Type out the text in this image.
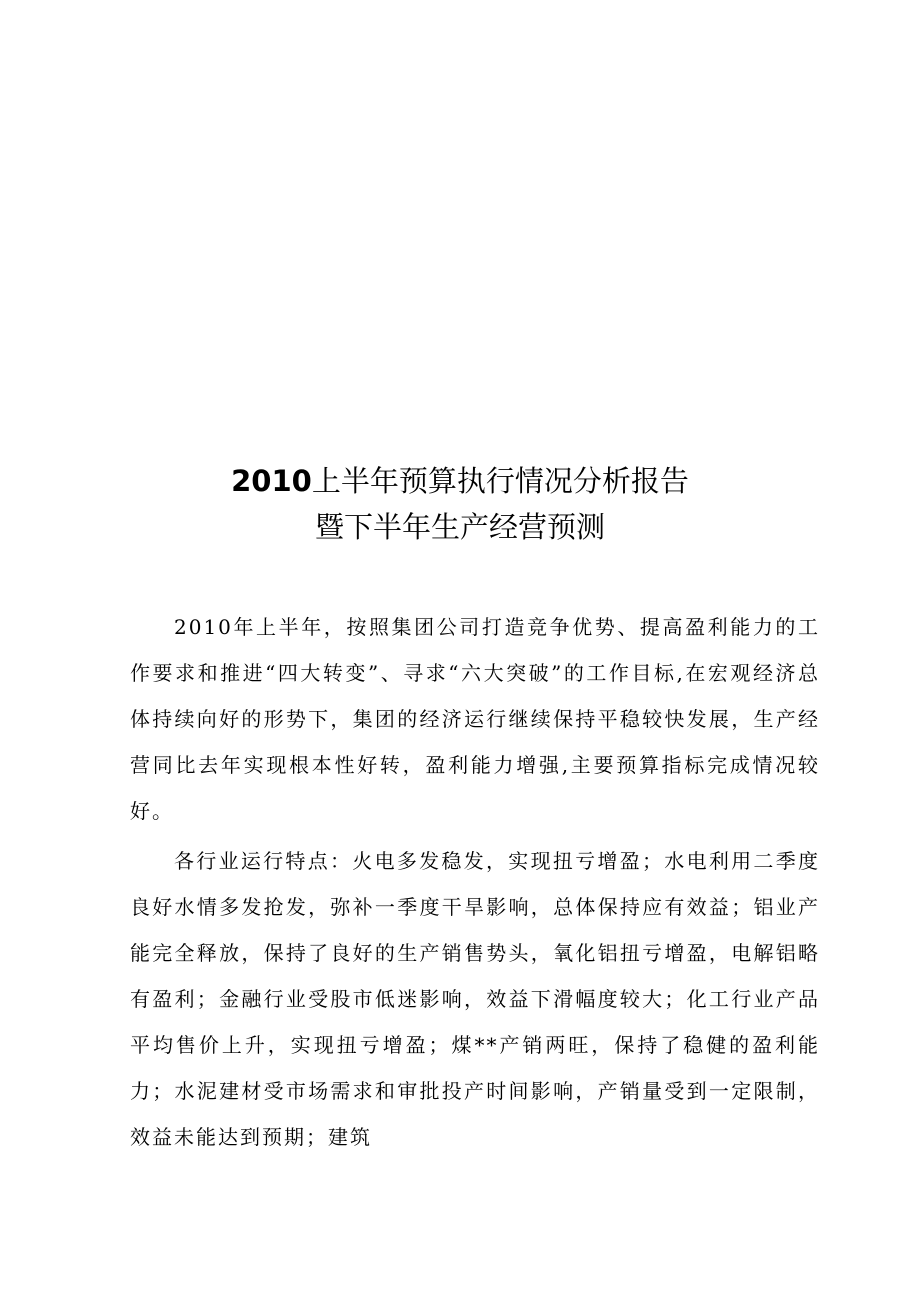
2010上半年预算执行情况分析报告
暨下半年生产经营预测

2010年上半年，按照集团公司打造竞争优势、提高盈利能力的工作要求和推进“四大转变”、寻求“六大突破”的工作目标,在宏观经济总体持续向好的形势下，集团的经济运行继续保持平稳较快发展，生产经营同比去年实现根本性好转，盈利能力增强,主要预算指标完成情况较好。

各行业运行特点：火电多发稳发，实现扭亏增盈；水电利用二季度良好水情多发抢发，弥补一季度干旱影响，总体保持应有效益；铝业产能完全释放，保持了良好的生产销售势头，氧化铝扭亏增盈，电解铝略有盈利；金融行业受股市低迷影响，效益下滑幅度较大；化工行业产品平均售价上升，实现扭亏增盈；煤**产销两旺，保持了稳健的盈利能力；水泥建材受市场需求和审批投产时间影响，产销量受到一定限制，效益未能达到预期；建筑
